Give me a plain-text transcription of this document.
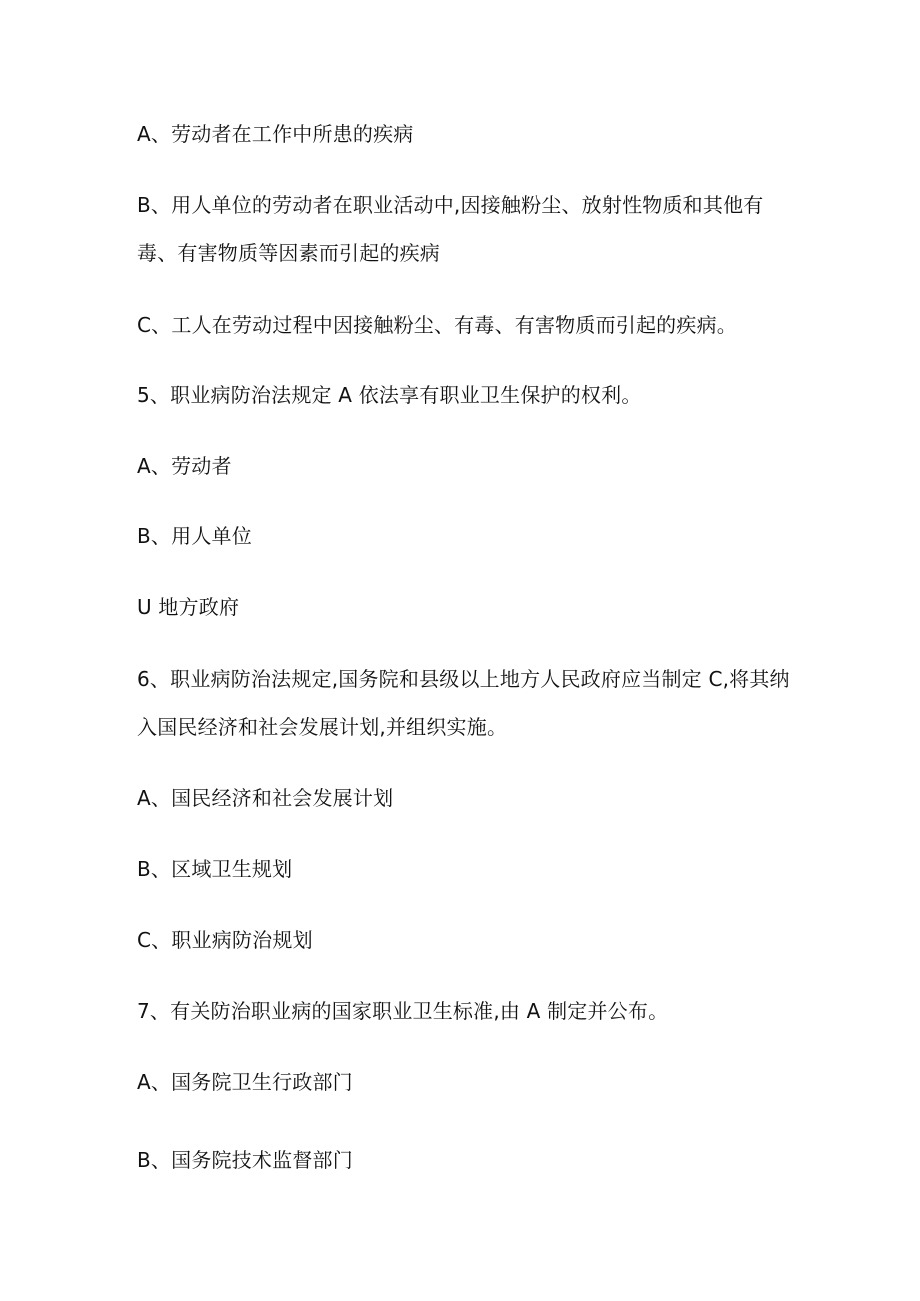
A、劳动者在工作中所患的疾病
B、用人单位的劳动者在职业活动中,因接触粉尘、放射性物质和其他有
毒、有害物质等因素而引起的疾病
C、工人在劳动过程中因接触粉尘、有毒、有害物质而引起的疾病。
5、职业病防治法规定 A 依法享有职业卫生保护的权利。
A、劳动者
B、用人单位
U 地方政府
6、职业病防治法规定,国务院和县级以上地方人民政府应当制定 C,将其纳
入国民经济和社会发展计划,并组织实施。
A、国民经济和社会发展计划
B、区域卫生规划
C、职业病防治规划
7、有关防治职业病的国家职业卫生标准,由 A 制定并公布。
A、国务院卫生行政部门
B、国务院技术监督部门
